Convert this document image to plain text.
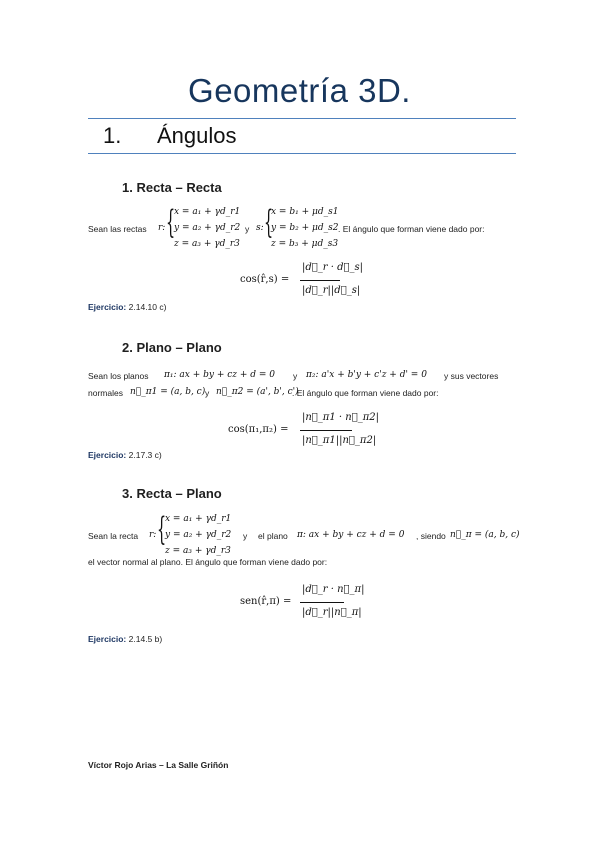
Geometría 3D.
1. Ángulos
1. Recta – Recta
Sean las rectas r: {
x = a₁ + γd_r1
y = a₂ + γd_r2
z = a₃ + γd_r3
y s: {
x = b₁ + μd_s1
y = b₂ + μd_s2
z = b₃ + μd_s3
. El ángulo que forman viene dado por:
cos(r̂,s) =
|d⃗_r · d⃗_s|
|d⃗_r||d⃗_s|
Ejercicio: 2.14.10 c)
2. Plano – Plano
Sean los planos π₁: ax + by + cz + d = 0 y π₂: a'x + b'y + c'z + d' = 0 y sus vectores
normales n⃗_π1 = (a, b, c) y n⃗_π2 = (a', b', c')
. El ángulo que forman viene dado por:
cos(π₁,π₂) =
|n⃗_π1 · n⃗_π2|
|n⃗_π1||n⃗_π2|
Ejercicio: 2.17.3 c)
3. Recta – Plano
Sean la recta r: {
x = a₁ + γd_r1
y = a₂ + γd_r2
z = a₃ + γd_r3
y el plano π: ax + by + cz + d = 0 , siendo n⃗_π = (a, b, c)
el vector normal al plano. El ángulo que forman viene dado por:
sen(r̂,π) =
|d⃗_r · n⃗_π|
|d⃗_r||n⃗_π|
Ejercicio: 2.14.5 b)
Víctor Rojo Arias – La Salle Griñón
